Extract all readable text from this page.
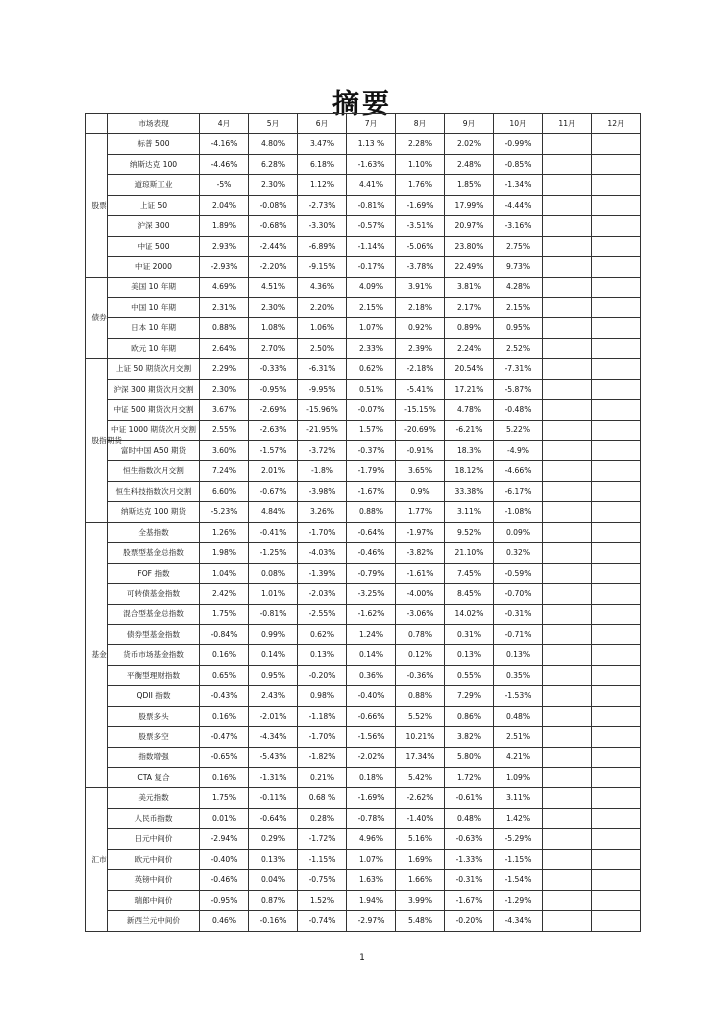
摘要
	市场表现	4月	5月	6月	7月	8月	9月	10月	11月	12月
股票	标普 500	-4.16%	4.80%	3.47%	1.13 %	2.28%	2.02%	-0.99%		
	纳斯达克 100	-4.46%	6.28%	6.18%	-1.63%	1.10%	2.48%	-0.85%		
	道琼斯工业	-5%	2.30%	1.12%	4.41%	1.76%	1.85%	-1.34%		
	上证 50	2.04%	-0.08%	-2.73%	-0.81%	-1.69%	17.99%	-4.44%		
	沪深 300	1.89%	-0.68%	-3.30%	-0.57%	-3.51%	20.97%	-3.16%		
	中证 500	2.93%	-2.44%	-6.89%	-1.14%	-5.06%	23.80%	2.75%		
	中证 2000	-2.93%	-2.20%	-9.15%	-0.17%	-3.78%	22.49%	9.73%		
债券	美国 10 年期	4.69%	4.51%	4.36%	4.09%	3.91%	3.81%	4.28%		
	中国 10 年期	2.31%	2.30%	2.20%	2.15%	2.18%	2.17%	2.15%		
	日本 10 年期	0.88%	1.08%	1.06%	1.07%	0.92%	0.89%	0.95%		
	欧元 10 年期	2.64%	2.70%	2.50%	2.33%	2.39%	2.24%	2.52%		
股指期货	上证 50 期货次月交割	2.29%	-0.33%	-6.31%	0.62%	-2.18%	20.54%	-7.31%		
	沪深 300 期货次月交割	2.30%	-0.95%	-9.95%	0.51%	-5.41%	17.21%	-5.87%		
	中证 500 期货次月交割	3.67%	-2.69%	-15.96%	-0.07%	-15.15%	4.78%	-0.48%		
	中证 1000 期货次月交割	2.55%	-2.63%	-21.95%	1.57%	-20.69%	-6.21%	5.22%		
	富时中国 A50 期货	3.60%	-1.57%	-3.72%	-0.37%	-0.91%	18.3%	-4.9%		
	恒生指数次月交割	7.24%	2.01%	-1.8%	-1.79%	3.65%	18.12%	-4.66%		
	恒生科技指数次月交割	6.60%	-0.67%	-3.98%	-1.67%	0.9%	33.38%	-6.17%		
	纳斯达克 100 期货	-5.23%	4.84%	3.26%	0.88%	1.77%	3.11%	-1.08%		
基金	全基指数	1.26%	-0.41%	-1.70%	-0.64%	-1.97%	9.52%	0.09%		
	股票型基金总指数	1.98%	-1.25%	-4.03%	-0.46%	-3.82%	21.10%	0.32%		
	FOF 指数	1.04%	0.08%	-1.39%	-0.79%	-1.61%	7.45%	-0.59%		
	可转债基金指数	2.42%	1.01%	-2.03%	-3.25%	-4.00%	8.45%	-0.70%		
	混合型基金总指数	1.75%	-0.81%	-2.55%	-1.62%	-3.06%	14.02%	-0.31%		
	债券型基金指数	-0.84%	0.99%	0.62%	1.24%	0.78%	0.31%	-0.71%		
	货币市场基金指数	0.16%	0.14%	0.13%	0.14%	0.12%	0.13%	0.13%		
	平衡型理财指数	0.65%	0.95%	-0.20%	0.36%	-0.36%	0.55%	0.35%		
	QDII 指数	-0.43%	2.43%	0.98%	-0.40%	0.88%	7.29%	-1.53%		
	股票多头	0.16%	-2.01%	-1.18%	-0.66%	5.52%	0.86%	0.48%		
	股票多空	-0.47%	-4.34%	-1.70%	-1.56%	10.21%	3.82%	2.51%		
	指数增强	-0.65%	-5.43%	-1.82%	-2.02%	17.34%	5.80%	4.21%		
	CTA 复合	0.16%	-1.31%	0.21%	0.18%	5.42%	1.72%	1.09%		
汇市	美元指数	1.75%	-0.11%	0.68 %	-1.69%	-2.62%	-0.61%	3.11%		
	人民币指数	0.01%	-0.64%	0.28%	-0.78%	-1.40%	0.48%	1.42%		
	日元中间价	-2.94%	0.29%	-1.72%	4.96%	5.16%	-0.63%	-5.29%		
	欧元中间价	-0.40%	0.13%	-1.15%	1.07%	1.69%	-1.33%	-1.15%		
	英镑中间价	-0.46%	0.04%	-0.75%	1.63%	1.66%	-0.31%	-1.54%		
	瑞郎中间价	-0.95%	0.87%	1.52%	1.94%	3.99%	-1.67%	-1.29%		
	新西兰元中间价	0.46%	-0.16%	-0.74%	-2.97%	5.48%	-0.20%	-4.34%		
1
